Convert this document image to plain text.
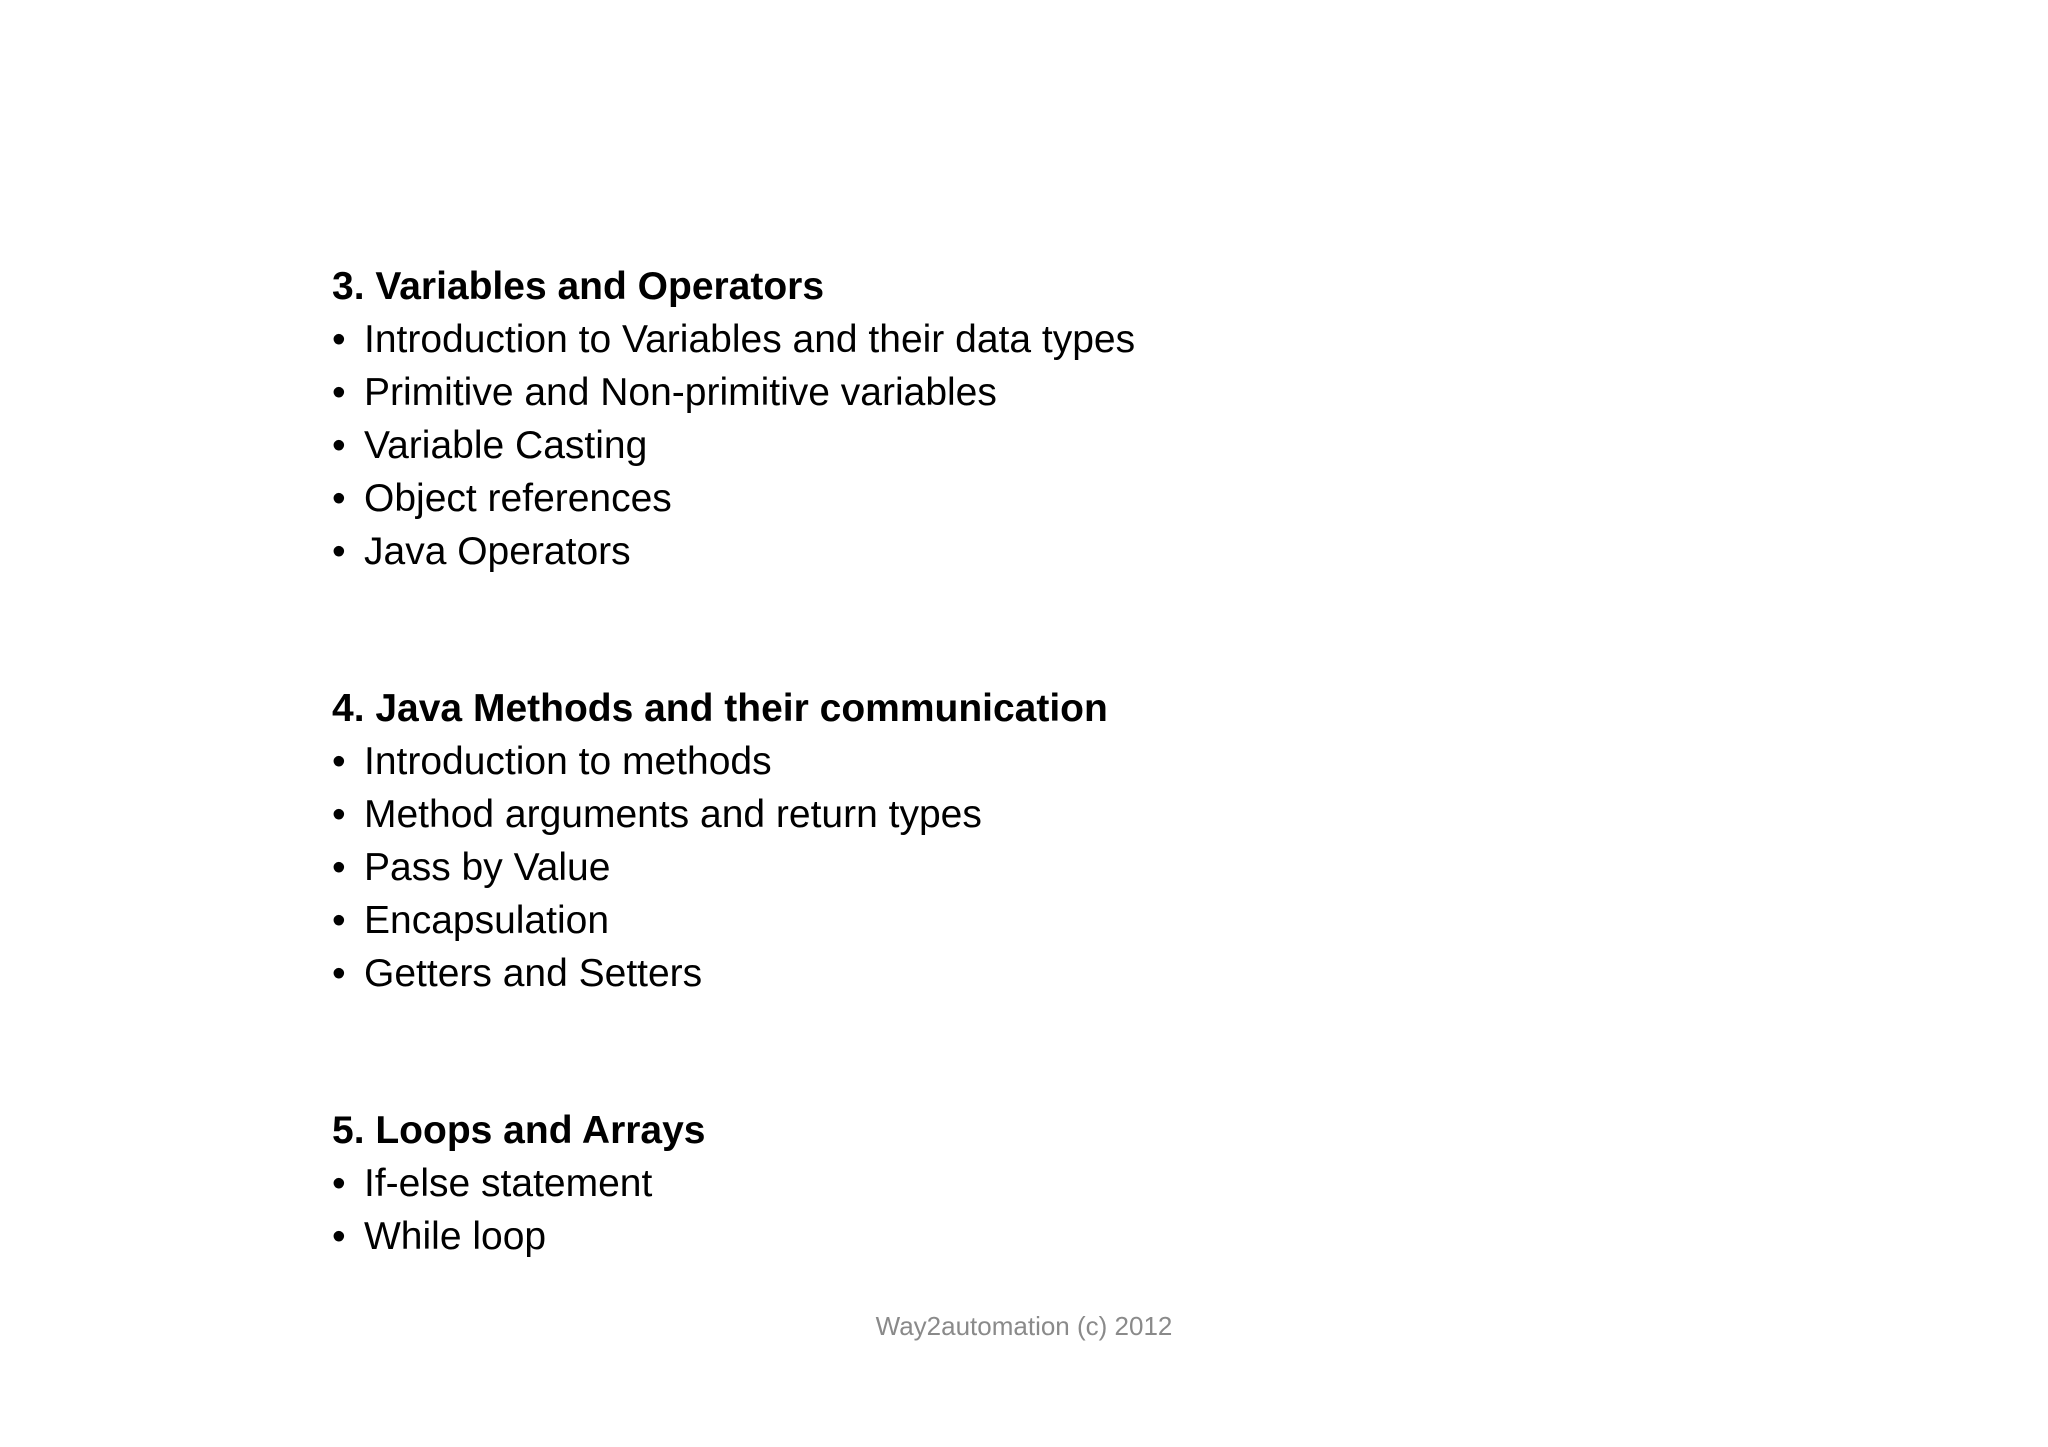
3. Variables and Operators
• Introduction to Variables and their data types
• Primitive and Non-primitive variables
• Variable Casting
• Object references
• Java Operators
4. Java Methods and their communication
• Introduction to methods
• Method arguments and return types
• Pass by Value
• Encapsulation
• Getters and Setters
5. Loops and Arrays
• If-else statement
• While loop
Way2automation (c) 2012
